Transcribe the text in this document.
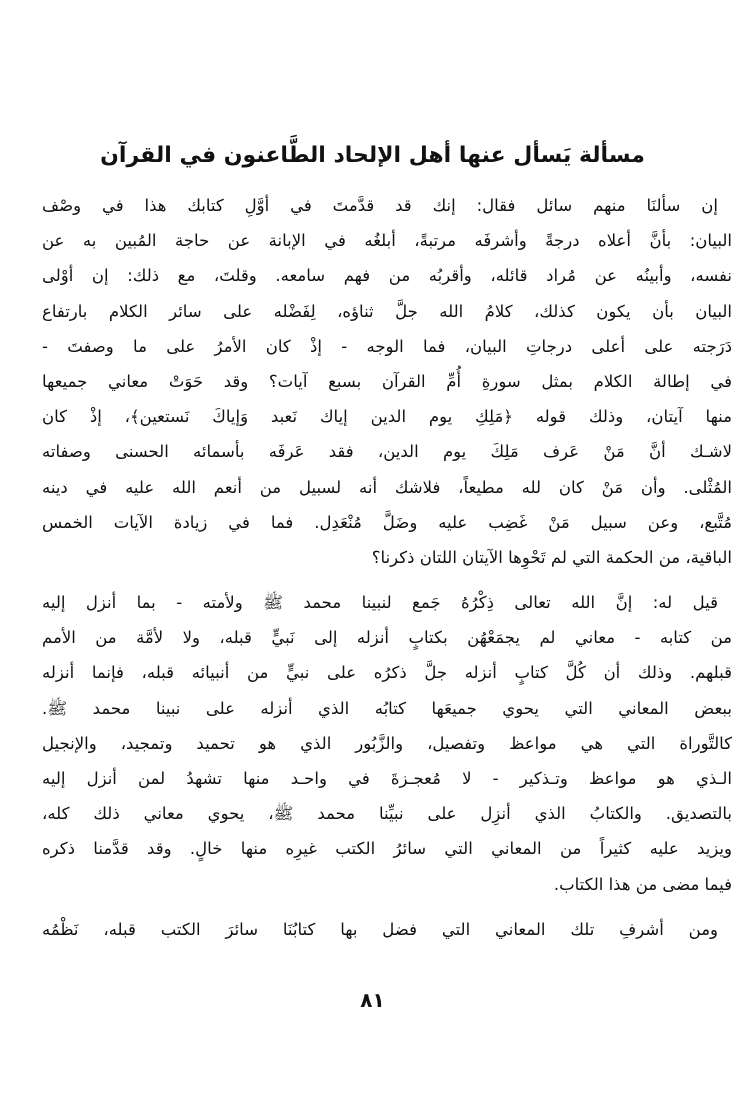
مسألة يَسأل عنها أهل الإلحاد الطَّاعنون في القرآن

إن سألنَا منهم سائل فقال: إنك قد قدَّمتَ في أوَّلِ كتابك هذا في وصْف
البيان: بأنَّ أعلاه درجةً وأشرفَه مرتبةً، أبلغُه في الإبانة عن حاجة المُبين به عن
نفسه، وأبينُه عن مُراد قائله، وأقربُه من فهم سامعه. وقلتَ، مع ذلك: إن أوْلى
البيان بأن يكون كذلك، كلامُ الله جلَّ ثناؤه، لِفَضْله على سائر الكلام بارتفاع
دَرَجته على أعلى درجاتِ البيان، فما الوجه - إذْ كان الأمرُ على ما وصفتَ -
في إطالة الكلام بمثل سورةِ أُمِّ القرآن بسبع آيات؟ وقد حَوَتْ معاني جميعها
منها آيتان، وذلك قوله ﴿مَلِكِ يوم الدين إياك نَعبد وَإياكَ نَستعين﴾، إذْ كان
لاشـك أنَّ مَنْ عَرف مَلِكَ يوم الدين، فقد عَرفَه بأسمائه الحسنى وصفاته
المُثْلى. وأن مَنْ كان لله مطيعاً، فلاشك أنه لسبيل من أنعم الله عليه في دينه
مُتَّبع، وعن سبيل مَنْ غَضِب عليه وضَلَّ مُنْعَدِل. فما في زيادة الآيات الخمس
الباقية، من الحكمة التي لم تَحْوِها الآيتان اللتان ذكرنا؟

قيل له: إنَّ الله تعالى ذِكْرُهُ جَمع لنبينا محمد ﷺ ولأمته - بما أنزل إليه
من كتابه - معاني لم يجمَعْهُن بكتابٍ أنزله إلى نَبيٍّ قبله، ولا لأمَّة من الأمم
قبلهم. وذلك أن كُلَّ كتابٍ أنزله جلَّ ذكرُه على نبيٍّ من أنبيائه قبله، فإنما أنزله
ببعض المعاني التي يحوي جميعَها كتابُه الذي أنزله على نبينا محمد ﷺ.
كالتَّوراة التي هي مواعظ وتفصيل، والزَّبُور الذي هو تحميد وتمجيد، والإنجيل
الـذي هو مواعظ وتـذكير - لا مُعجـزةَ في واحـد منها تشهدُ لمن أنزل إليه
بالتصديق. والكتابُ الذي أنزِل على نبيِّنا محمد ﷺ، يحوي معاني ذلك كله،
ويزيد عليه كثيراً من المعاني التي سائرُ الكتب غيرِه منها خالٍ. وقد قدَّمنا ذكره
فيما مضى من هذا الكتاب.

ومن أشرفِ تلك المعاني التي فضل بها كتابُنَا سائرَ الكتب قبله، نَظْمُه

٨١
